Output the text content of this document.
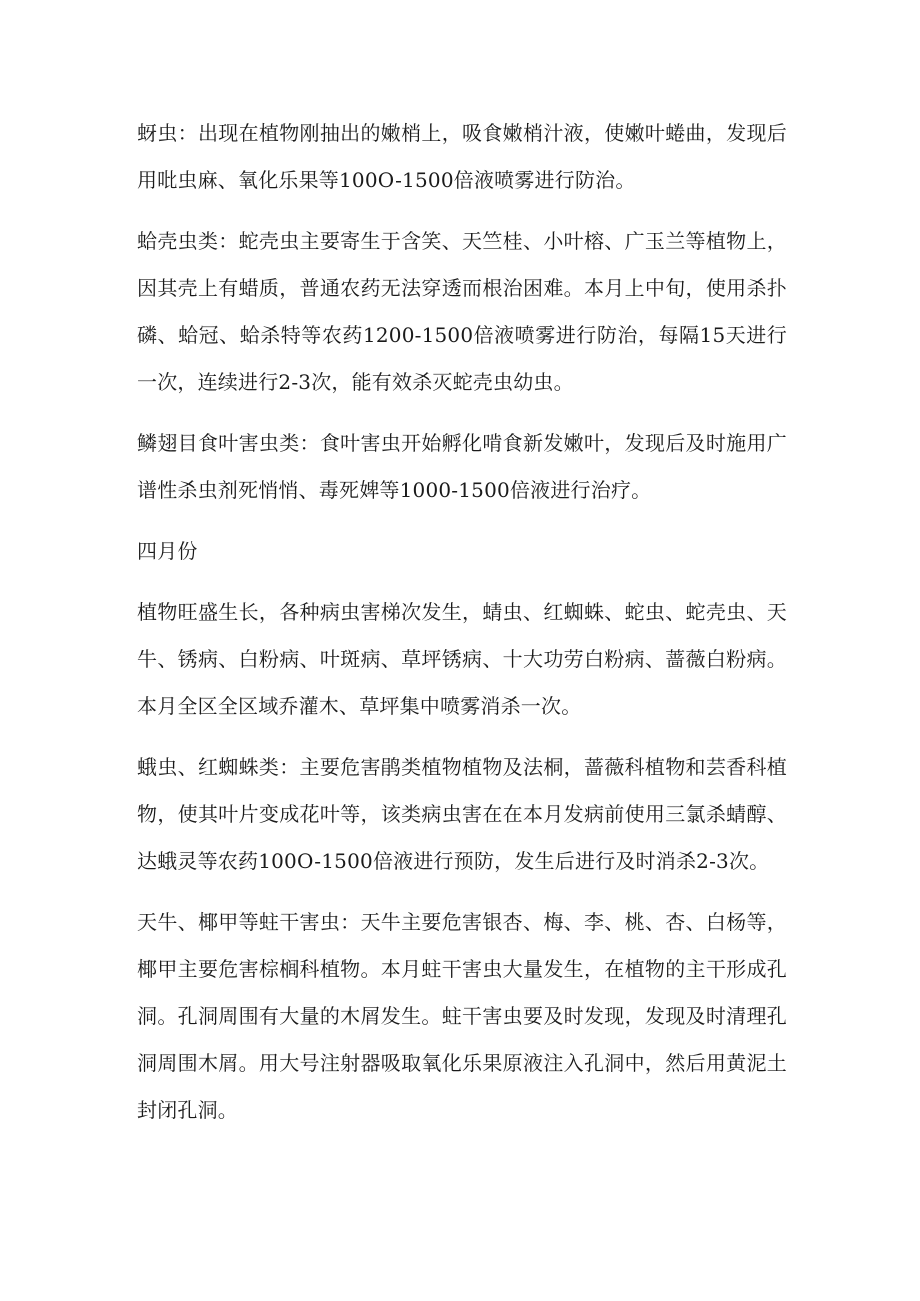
蚜虫：出现在植物刚抽出的嫩梢上，吸食嫩梢汁液，使嫩叶蜷曲，发现后用吡虫麻、氧化乐果等100O-1500倍液喷雾进行防治。

蛤壳虫类：蛇壳虫主要寄生于含笑、天竺桂、小叶榕、广玉兰等植物上，因其壳上有蜡质，普通农药无法穿透而根治困难。本月上中旬，使用杀扑磷、蛤冠、蛤杀特等农药1200-1500倍液喷雾进行防治，每隔15天进行一次，连续进行2-3次，能有效杀灭蛇壳虫幼虫。

鳞翅目食叶害虫类：食叶害虫开始孵化啃食新发嫩叶，发现后及时施用广谱性杀虫剂死悄悄、毒死婢等1000-1500倍液进行治疗。

四月份

植物旺盛生长，各种病虫害梯次发生，蜻虫、红蜘蛛、蛇虫、蛇壳虫、天牛、锈病、白粉病、叶斑病、草坪锈病、十大功劳白粉病、蔷薇白粉病。本月全区全区域乔灌木、草坪集中喷雾消杀一次。

蛾虫、红蜘蛛类：主要危害鹃类植物植物及法桐，蔷薇科植物和芸香科植物，使其叶片变成花叶等，该类病虫害在在本月发病前使用三氯杀蜻醇、达蛾灵等农药100O-1500倍液进行预防，发生后进行及时消杀2-3次。

天牛、椰甲等蛀干害虫：天牛主要危害银杏、梅、李、桃、杏、白杨等，椰甲主要危害棕榈科植物。本月蛀干害虫大量发生，在植物的主干形成孔洞。孔洞周围有大量的木屑发生。蛀干害虫要及时发现，发现及时清理孔洞周围木屑。用大号注射器吸取氧化乐果原液注入孔洞中，然后用黄泥土封闭孔洞。
